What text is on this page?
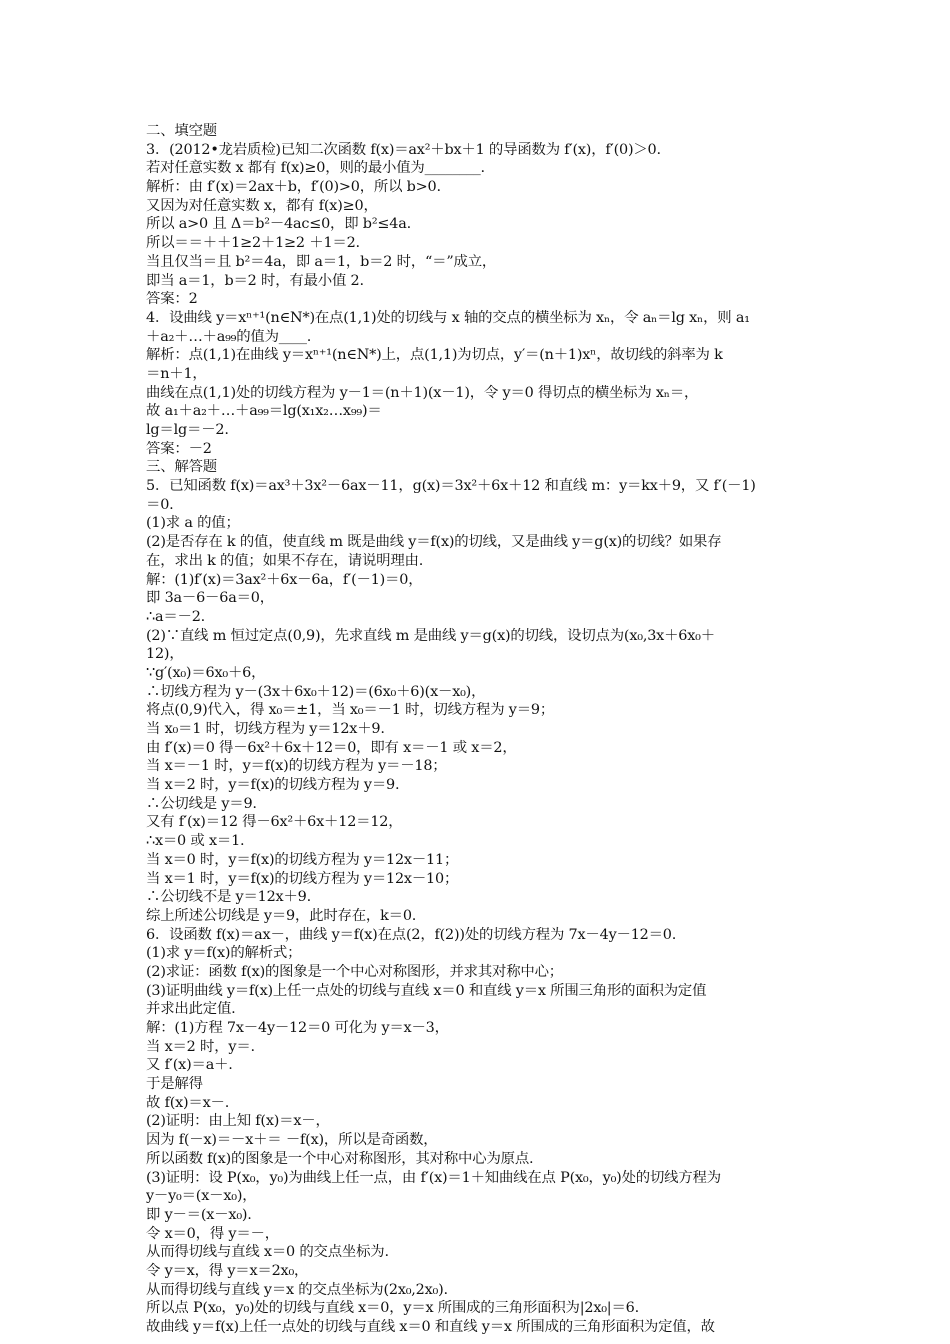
二、填空题
3．(2012•龙岩质检)已知二次函数 f(x)＝ax²＋bx＋1 的导函数为 f′(x)，f′(0)＞0.
若对任意实数 x 都有 f(x)≥0，则的最小值为________.
解析：由 f′(x)＝2ax＋b，f′(0)>0，所以 b>0.
又因为对任意实数 x，都有 f(x)≥0，
所以 a>0 且 Δ＝b²－4ac≤0，即 b²≤4a.
所以＝＝＋＋1≥2＋1≥2 ＋1＝2.
当且仅当＝且 b²＝4a，即 a＝1，b＝2 时，“＝”成立，
即当 a＝1，b＝2 时，有最小值 2.
答案：2
4．设曲线 y＝xⁿ⁺¹(n∈N*)在点(1,1)处的切线与 x 轴的交点的横坐标为 xₙ，令 aₙ＝lg xₙ，则 a₁
＋a₂＋…＋a₉₉的值为____.
解析：点(1,1)在曲线 y＝xⁿ⁺¹(n∈N*)上，点(1,1)为切点，y′＝(n＋1)xⁿ，故切线的斜率为 k
＝n＋1，
曲线在点(1,1)处的切线方程为 y－1＝(n＋1)(x－1)，令 y＝0 得切点的横坐标为 xₙ＝，
故 a₁＋a₂＋…＋a₉₉＝lg(x₁x₂…x₉₉)＝
lg＝lg＝－2.
答案：－2
三、解答题
5．已知函数 f(x)＝ax³＋3x²－6ax－11，g(x)＝3x²＋6x＋12 和直线 m：y＝kx＋9，又 f′(－1)
＝0.
(1)求 a 的值；
(2)是否存在 k 的值，使直线 m 既是曲线 y＝f(x)的切线，又是曲线 y＝g(x)的切线？如果存
在，求出 k 的值；如果不存在，请说明理由.
解：(1)f′(x)＝3ax²＋6x－6a，f′(－1)＝0，
即 3a－6－6a＝0，
∴a＝－2.
(2)∵直线 m 恒过定点(0,9)，先求直线 m 是曲线 y＝g(x)的切线，设切点为(x₀,3x＋6x₀＋
12)，
∵g′(x₀)＝6x₀＋6，
∴切线方程为 y－(3x＋6x₀＋12)＝(6x₀＋6)(x－x₀)，
将点(0,9)代入，得 x₀＝±1，当 x₀＝－1 时，切线方程为 y＝9；
当 x₀＝1 时，切线方程为 y＝12x＋9.
由 f′(x)＝0 得－6x²＋6x＋12＝0，即有 x＝－1 或 x＝2，
当 x＝－1 时，y＝f(x)的切线方程为 y＝－18；
当 x＝2 时，y＝f(x)的切线方程为 y＝9.
∴公切线是 y＝9.
又有 f′(x)＝12 得－6x²＋6x＋12＝12，
∴x＝0 或 x＝1.
当 x＝0 时，y＝f(x)的切线方程为 y＝12x－11；
当 x＝1 时，y＝f(x)的切线方程为 y＝12x－10；
∴公切线不是 y＝12x＋9.
综上所述公切线是 y＝9，此时存在，k＝0.
6．设函数 f(x)＝ax－，曲线 y＝f(x)在点(2，f(2))处的切线方程为 7x－4y－12＝0.
(1)求 y＝f(x)的解析式；
(2)求证：函数 f(x)的图象是一个中心对称图形，并求其对称中心；
(3)证明曲线 y＝f(x)上任一点处的切线与直线 x＝0 和直线 y＝x 所围三角形的面积为定值
并求出此定值.
解：(1)方程 7x－4y－12＝0 可化为 y＝x－3，
当 x＝2 时，y＝.
又 f′(x)＝a＋.
于是解得
故 f(x)＝x－.
(2)证明：由上知 f(x)＝x－，
因为 f(－x)＝－x＋＝ －f(x)，所以是奇函数，
所以函数 f(x)的图象是一个中心对称图形，其对称中心为原点.
(3)证明：设 P(x₀，y₀)为曲线上任一点，由 f′(x)＝1＋知曲线在点 P(x₀，y₀)处的切线方程为
y－y₀＝(x－x₀)，
即 y－＝(x－x₀).
令 x＝0，得 y＝－，
从而得切线与直线 x＝0 的交点坐标为.
令 y＝x，得 y＝x＝2x₀，
从而得切线与直线 y＝x 的交点坐标为(2x₀,2x₀).
所以点 P(x₀，y₀)处的切线与直线 x＝0，y＝x 所围成的三角形面积为|2x₀|＝6.
故曲线 y＝f(x)上任一点处的切线与直线 x＝0 和直线 y＝x 所围成的三角形面积为定值，故
